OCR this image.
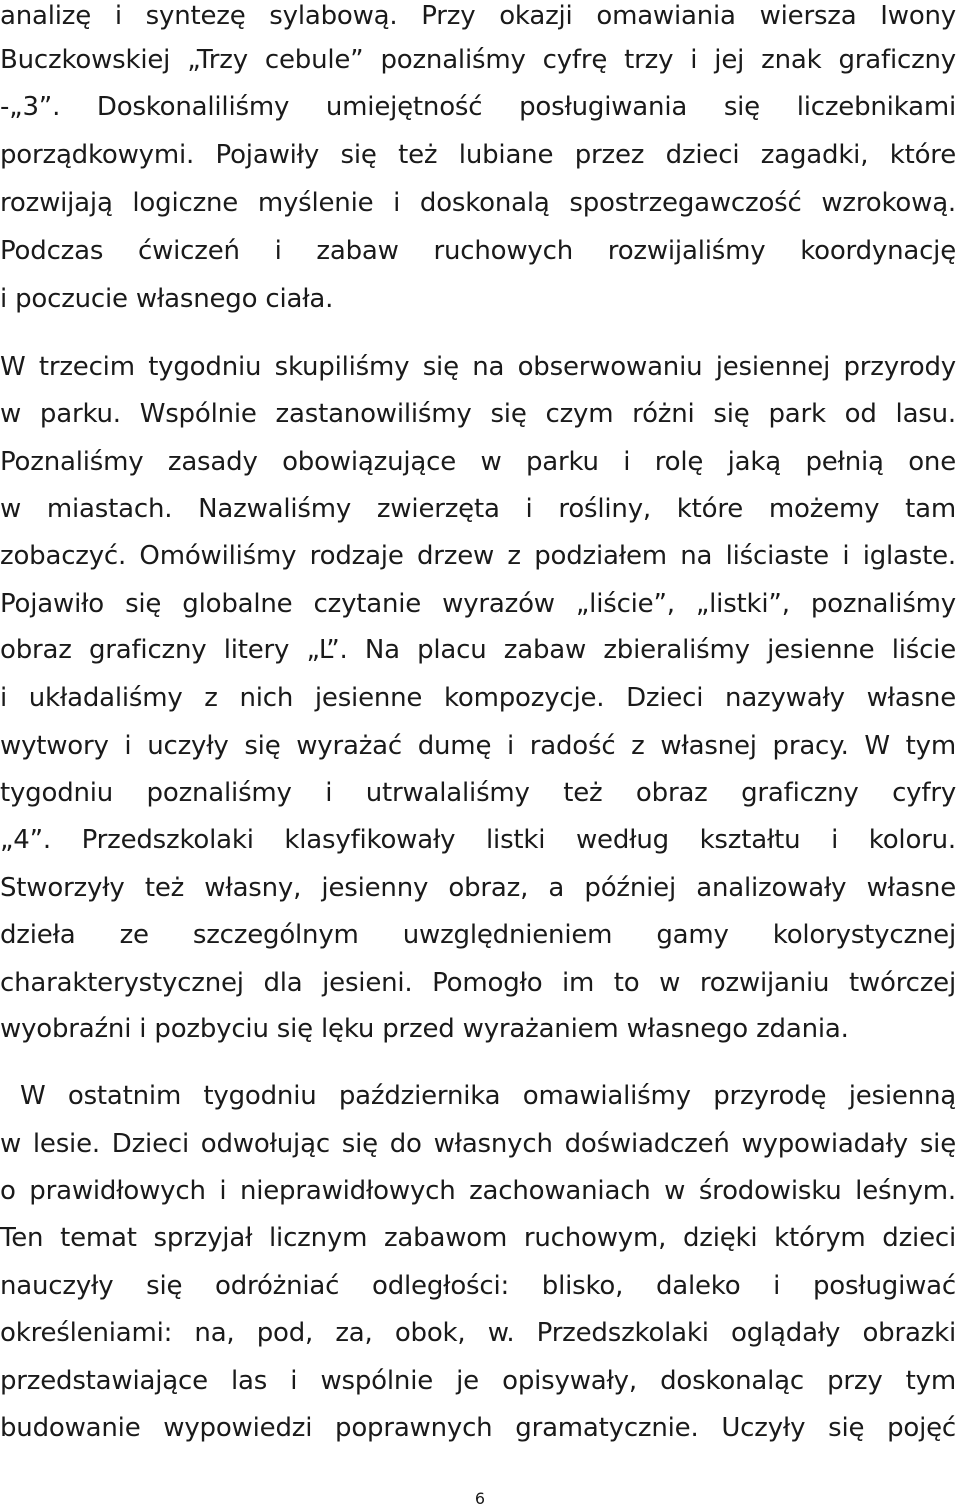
analizę i syntezę sylabową. Przy okazji omawiania wiersza Iwony
Buczkowskiej „Trzy cebule” poznaliśmy cyfrę trzy i jej znak graficzny
-„3”. Doskonaliliśmy umiejętność posługiwania się liczebnikami
porządkowymi. Pojawiły się też lubiane przez dzieci zagadki, które
rozwijają logiczne myślenie i doskonalą spostrzegawczość wzrokową.
Podczas ćwiczeń i zabaw ruchowych rozwijaliśmy koordynację
i poczucie własnego ciała.
W trzecim tygodniu skupiliśmy się na obserwowaniu jesiennej przyrody
w parku. Wspólnie zastanowiliśmy się czym różni się park od lasu.
Poznaliśmy zasady obowiązujące w parku i rolę jaką pełnią one
w miastach. Nazwaliśmy zwierzęta i rośliny, które możemy tam
zobaczyć. Omówiliśmy rodzaje drzew z podziałem na liściaste i iglaste.
Pojawiło się globalne czytanie wyrazów „liście”, „listki”, poznaliśmy
obraz graficzny litery „L”. Na placu zabaw zbieraliśmy jesienne liście
i układaliśmy z nich jesienne kompozycje. Dzieci nazywały własne
wytwory i uczyły się wyrażać dumę i radość z własnej pracy. W tym
tygodniu poznaliśmy i utrwalaliśmy też obraz graficzny cyfry
„4”. Przedszkolaki klasyfikowały listki według kształtu i koloru.
Stworzyły też własny, jesienny obraz, a później analizowały własne
dzieła ze szczególnym uwzględnieniem gamy kolorystycznej
charakterystycznej dla jesieni. Pomogło im to w rozwijaniu twórczej
wyobraźni i pozbyciu się lęku przed wyrażaniem własnego zdania.
W ostatnim tygodniu października omawialiśmy przyrodę jesienną
w lesie. Dzieci odwołując się do własnych doświadczeń wypowiadały się
o prawidłowych i nieprawidłowych zachowaniach w środowisku leśnym.
Ten temat sprzyjał licznym zabawom ruchowym, dzięki którym dzieci
nauczyły się odróżniać odległości: blisko, daleko i posługiwać
określeniami: na, pod, za, obok, w. Przedszkolaki oglądały obrazki
przedstawiające las i wspólnie je opisywały, doskonaląc przy tym
budowanie wypowiedzi poprawnych gramatycznie. Uczyły się pojęć
6
